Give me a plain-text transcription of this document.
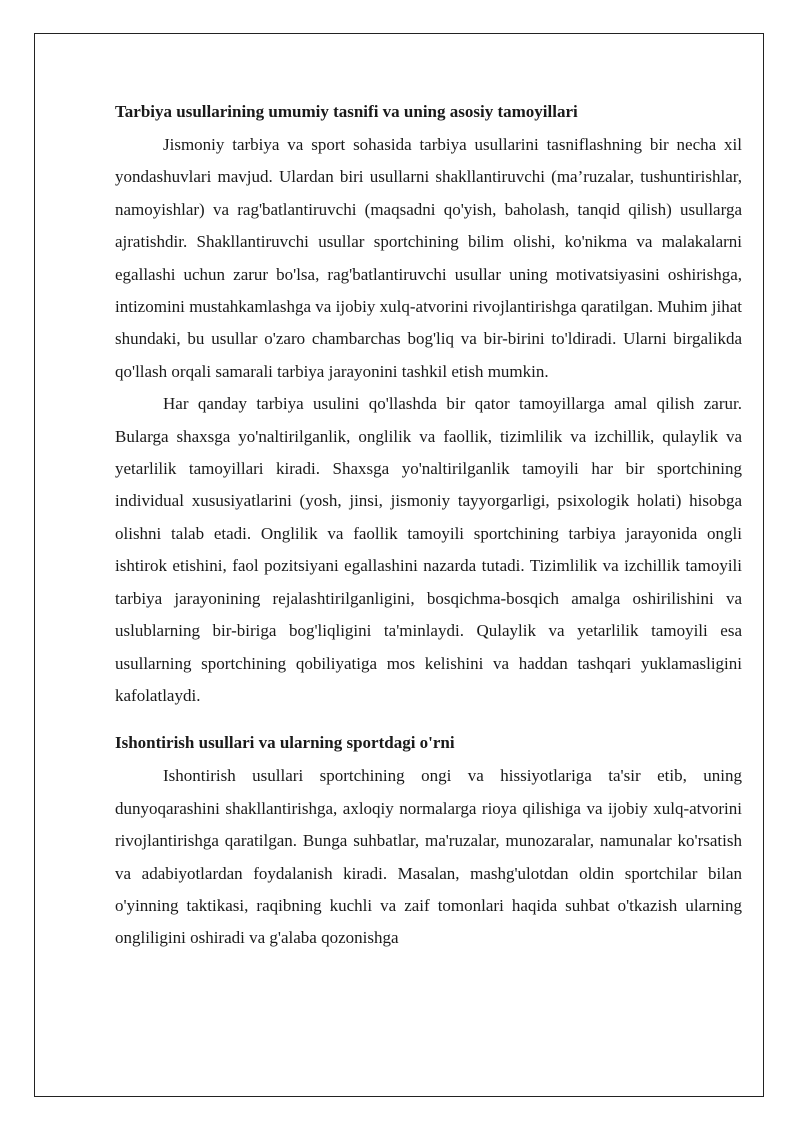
Tarbiya usullarining umumiy tasnifi va uning asosiy tamoyillari

Jismoniy tarbiya va sport sohasida tarbiya usullarini tasniflashning bir necha xil yondashuvlari mavjud. Ulardan biri usullarni shakllantiruvchi (ma’ruzalar, tushuntirishlar, namoyishlar) va rag'batlantiruvchi (maqsadni qo'yish, baholash, tanqid qilish) usullarga ajratishdir. Shakllantiruvchi usullar sportchining bilim olishi, ko'nikma va malakalarni egallashi uchun zarur bo'lsa, rag'batlantiruvchi usullar uning motivatsiyasini oshirishga, intizomini mustahkamlashga va ijobiy xulq-atvorini rivojlantirishga qaratilgan. Muhim jihat shundaki, bu usullar o'zaro chambarchas bog'liq va bir-birini to'ldiradi. Ularni birgalikda qo'llash orqali samarali tarbiya jarayonini tashkil etish mumkin.

Har qanday tarbiya usulini qo'llashda bir qator tamoyillarga amal qilish zarur. Bularga shaxsga yo'naltirilganlik, onglilik va faollik, tizimlilik va izchillik, qulaylik va yetarlilik tamoyillari kiradi. Shaxsga yo'naltirilganlik tamoyili har bir sportchining individual xususiyatlarini (yosh, jinsi, jismoniy tayyorgarligi, psixologik holati) hisobga olishni talab etadi. Onglilik va faollik tamoyili sportchining tarbiya jarayonida ongli ishtirok etishini, faol pozitsiyani egallashini nazarda tutadi. Tizimlilik va izchillik tamoyili tarbiya jarayonining rejalashtirilganligini, bosqichma-bosqich amalga oshirilishini va uslublarning bir-biriga bog'liqligini ta'minlaydi. Qulaylik va yetarlilik tamoyili esa usullarning sportchining qobiliyatiga mos kelishini va haddan tashqari yuklamasligini kafolatlaydi.

Ishontirish usullari va ularning sportdagi o'rni

Ishontirish usullari sportchining ongi va hissiyotlariga ta'sir etib, uning dunyoqarashini shakllantirishga, axloqiy normalarga rioya qilishiga va ijobiy xulq-atvorini rivojlantirishga qaratilgan. Bunga suhbatlar, ma'ruzalar, munozaralar, namunalar ko'rsatish va adabiyotlardan foydalanish kiradi. Masalan, mashg'ulotdan oldin sportchilar bilan o'yinning taktikasi, raqibning kuchli va zaif tomonlari haqida suhbat o'tkazish ularning ongliligini oshiradi va g'alaba qozonishga
